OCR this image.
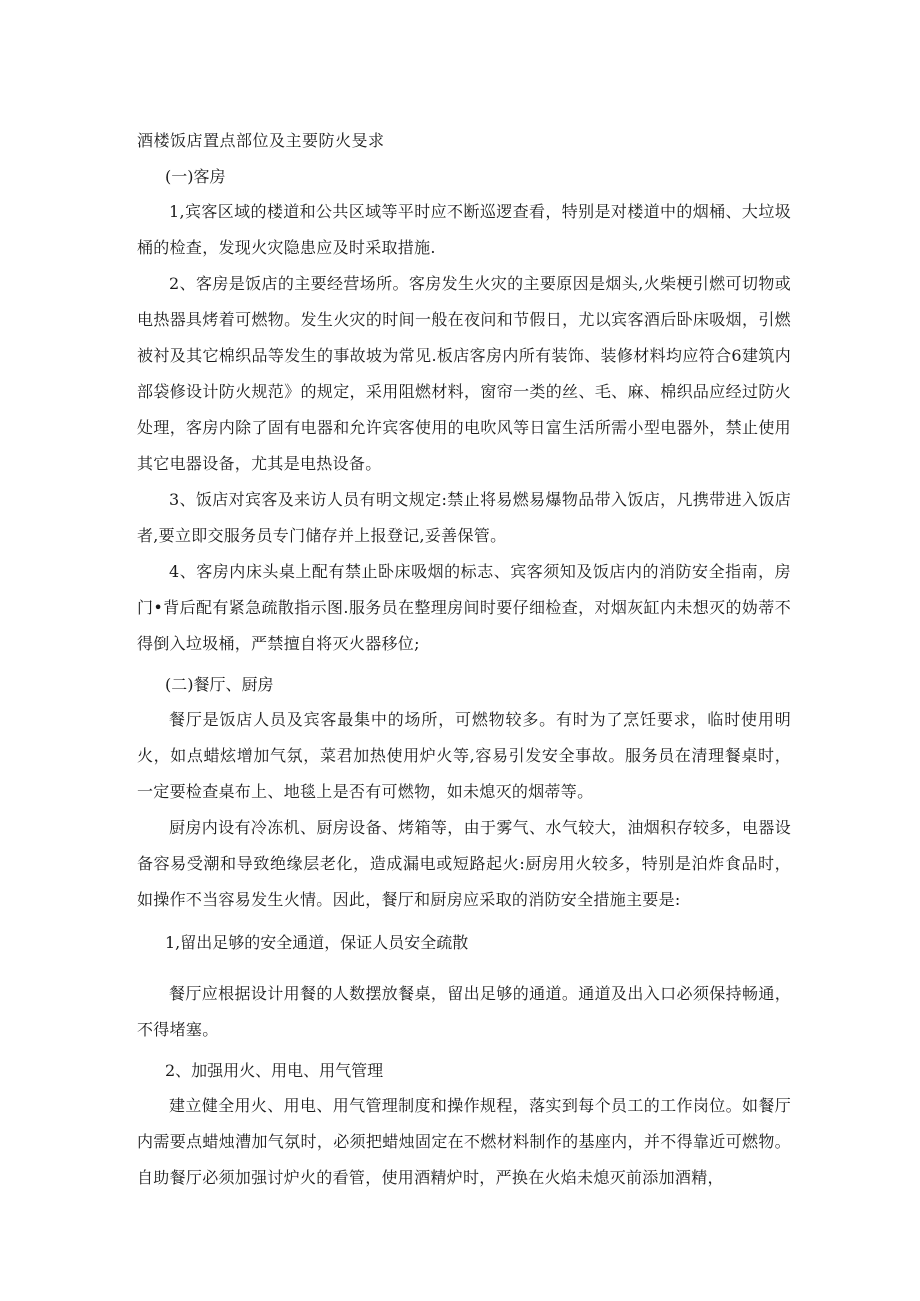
酒楼饭店置点部位及主要防火旻求
(一)客房
1,宾客区域的楼道和公共区域等平时应不断巡逻查看，特别是对楼道中的烟桶、大垃圾桶的检查，发现火灾隐患应及时采取措施.
2、客房是饭店的主要经营场所。客房发生火灾的主要原因是烟头,火柴梗引燃可切物或电热器具烤着可燃物。发生火灾的时间一般在夜问和节假日，尤以宾客酒后卧床吸烟，引燃被衬及其它棉织品等发生的事故坡为常见.板店客房内所有装饰、装修材料均应符合6建筑内部袋修设计防火规范》的规定，采用阻燃材料，窗帘一类的丝、毛、麻、棉织品应经过防火处理，客房内除了固有电器和允许宾客使用的电吹风等日富生活所需小型电器外，禁止使用其它电器设备，尤其是电热设备。
3、饭店对宾客及来访人员有明文规定:禁止将易燃易爆物品带入饭店，凡携带进入饭店者,要立即交服务员专门储存并上报登记,妥善保管。
4、客房内床头桌上配有禁止卧床吸烟的标志、宾客须知及饭店内的消防安全指南，房门•背后配有紧急疏散指示图.服务员在整理房间时要仔细检查，对烟灰缸内未想灭的妫蒂不得倒入垃圾桶，严禁擅自将灭火器移位;
(二)餐厅、厨房
餐厅是饭店人员及宾客最集中的场所，可燃物较多。有时为了烹饪要求，临时使用明火，如点蜡炫增加气氛，菜君加热使用炉火等,容易引发安全事故。服务员在清理餐桌时，一定要检查桌布上、地毯上是否有可燃物，如未熄灭的烟蒂等。
厨房内设有冷冻机、厨房设备、烤箱等，由于雾气、水气较大，油烟积存较多，电器设备容易受潮和导致绝缘层老化，造成漏电或短路起火:厨房用火较多，特别是泊炸食品时，如操作不当容易发生火情。因此，餐厅和厨房应采取的消防安全措施主要是:
1,留出足够的安全通道，保证人员安全疏散
餐厅应根据设计用餐的人数摆放餐桌，留出足够的通道。通道及出入口必须保持畅通，不得堵塞。
2、加强用火、用电、用气管理
建立健全用火、用电、用气管理制度和操作规程，落实到每个员工的工作岗位。如餐厅内需要点蜡烛漕加气氛时，必须把蜡烛固定在不燃材料制作的基座内，并不得靠近可燃物。自助餐厅必须加强讨炉火的看管，使用酒精炉时，严换在火焰未熄灭前添加酒精，
